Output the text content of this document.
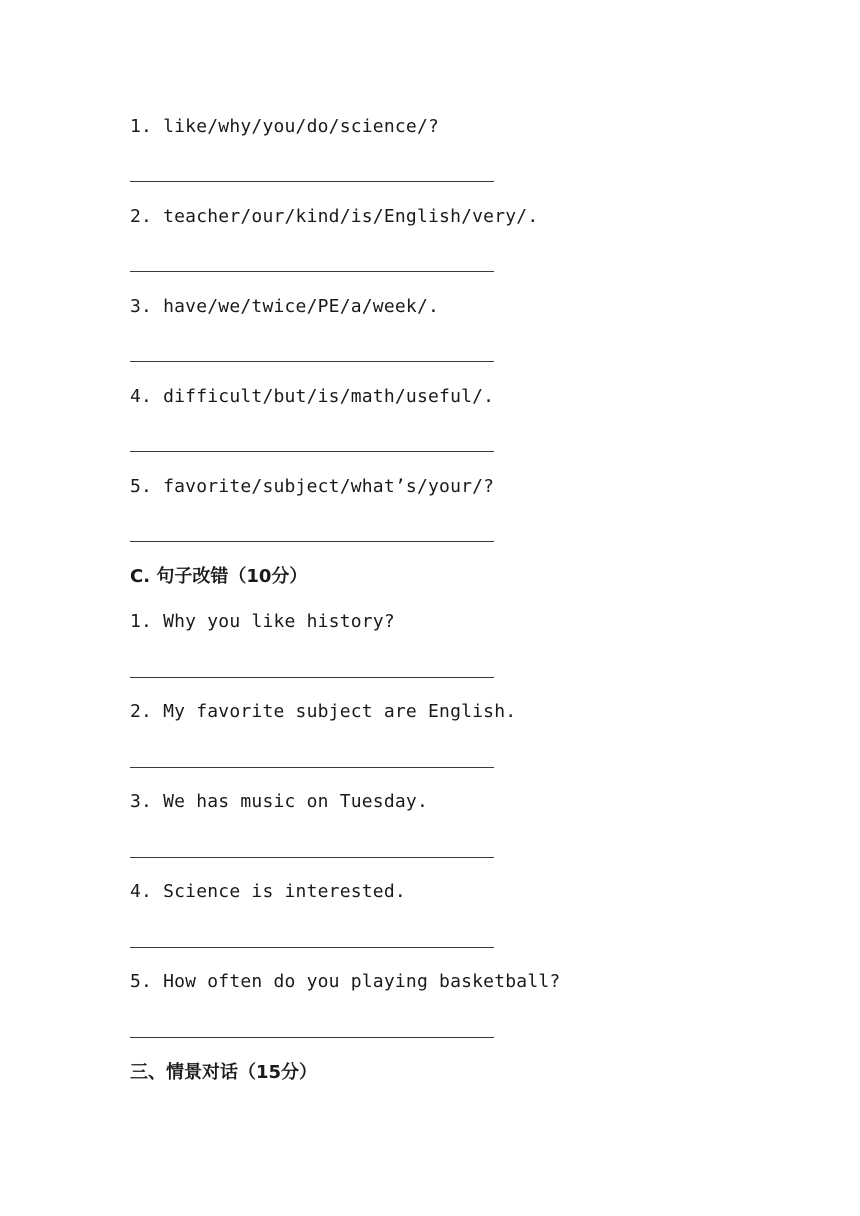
1. like/why/you/do/science/?
2. teacher/our/kind/is/English/very/.
3. have/we/twice/PE/a/week/.
4. difficult/but/is/math/useful/.
5. favorite/subject/what’s/your/?
C. 句子改错（10分）
1. Why you like history?
2. My favorite subject are English.
3. We has music on Tuesday.
4. Science is interested.
5. How often do you playing basketball?
三、情景对话（15分）
